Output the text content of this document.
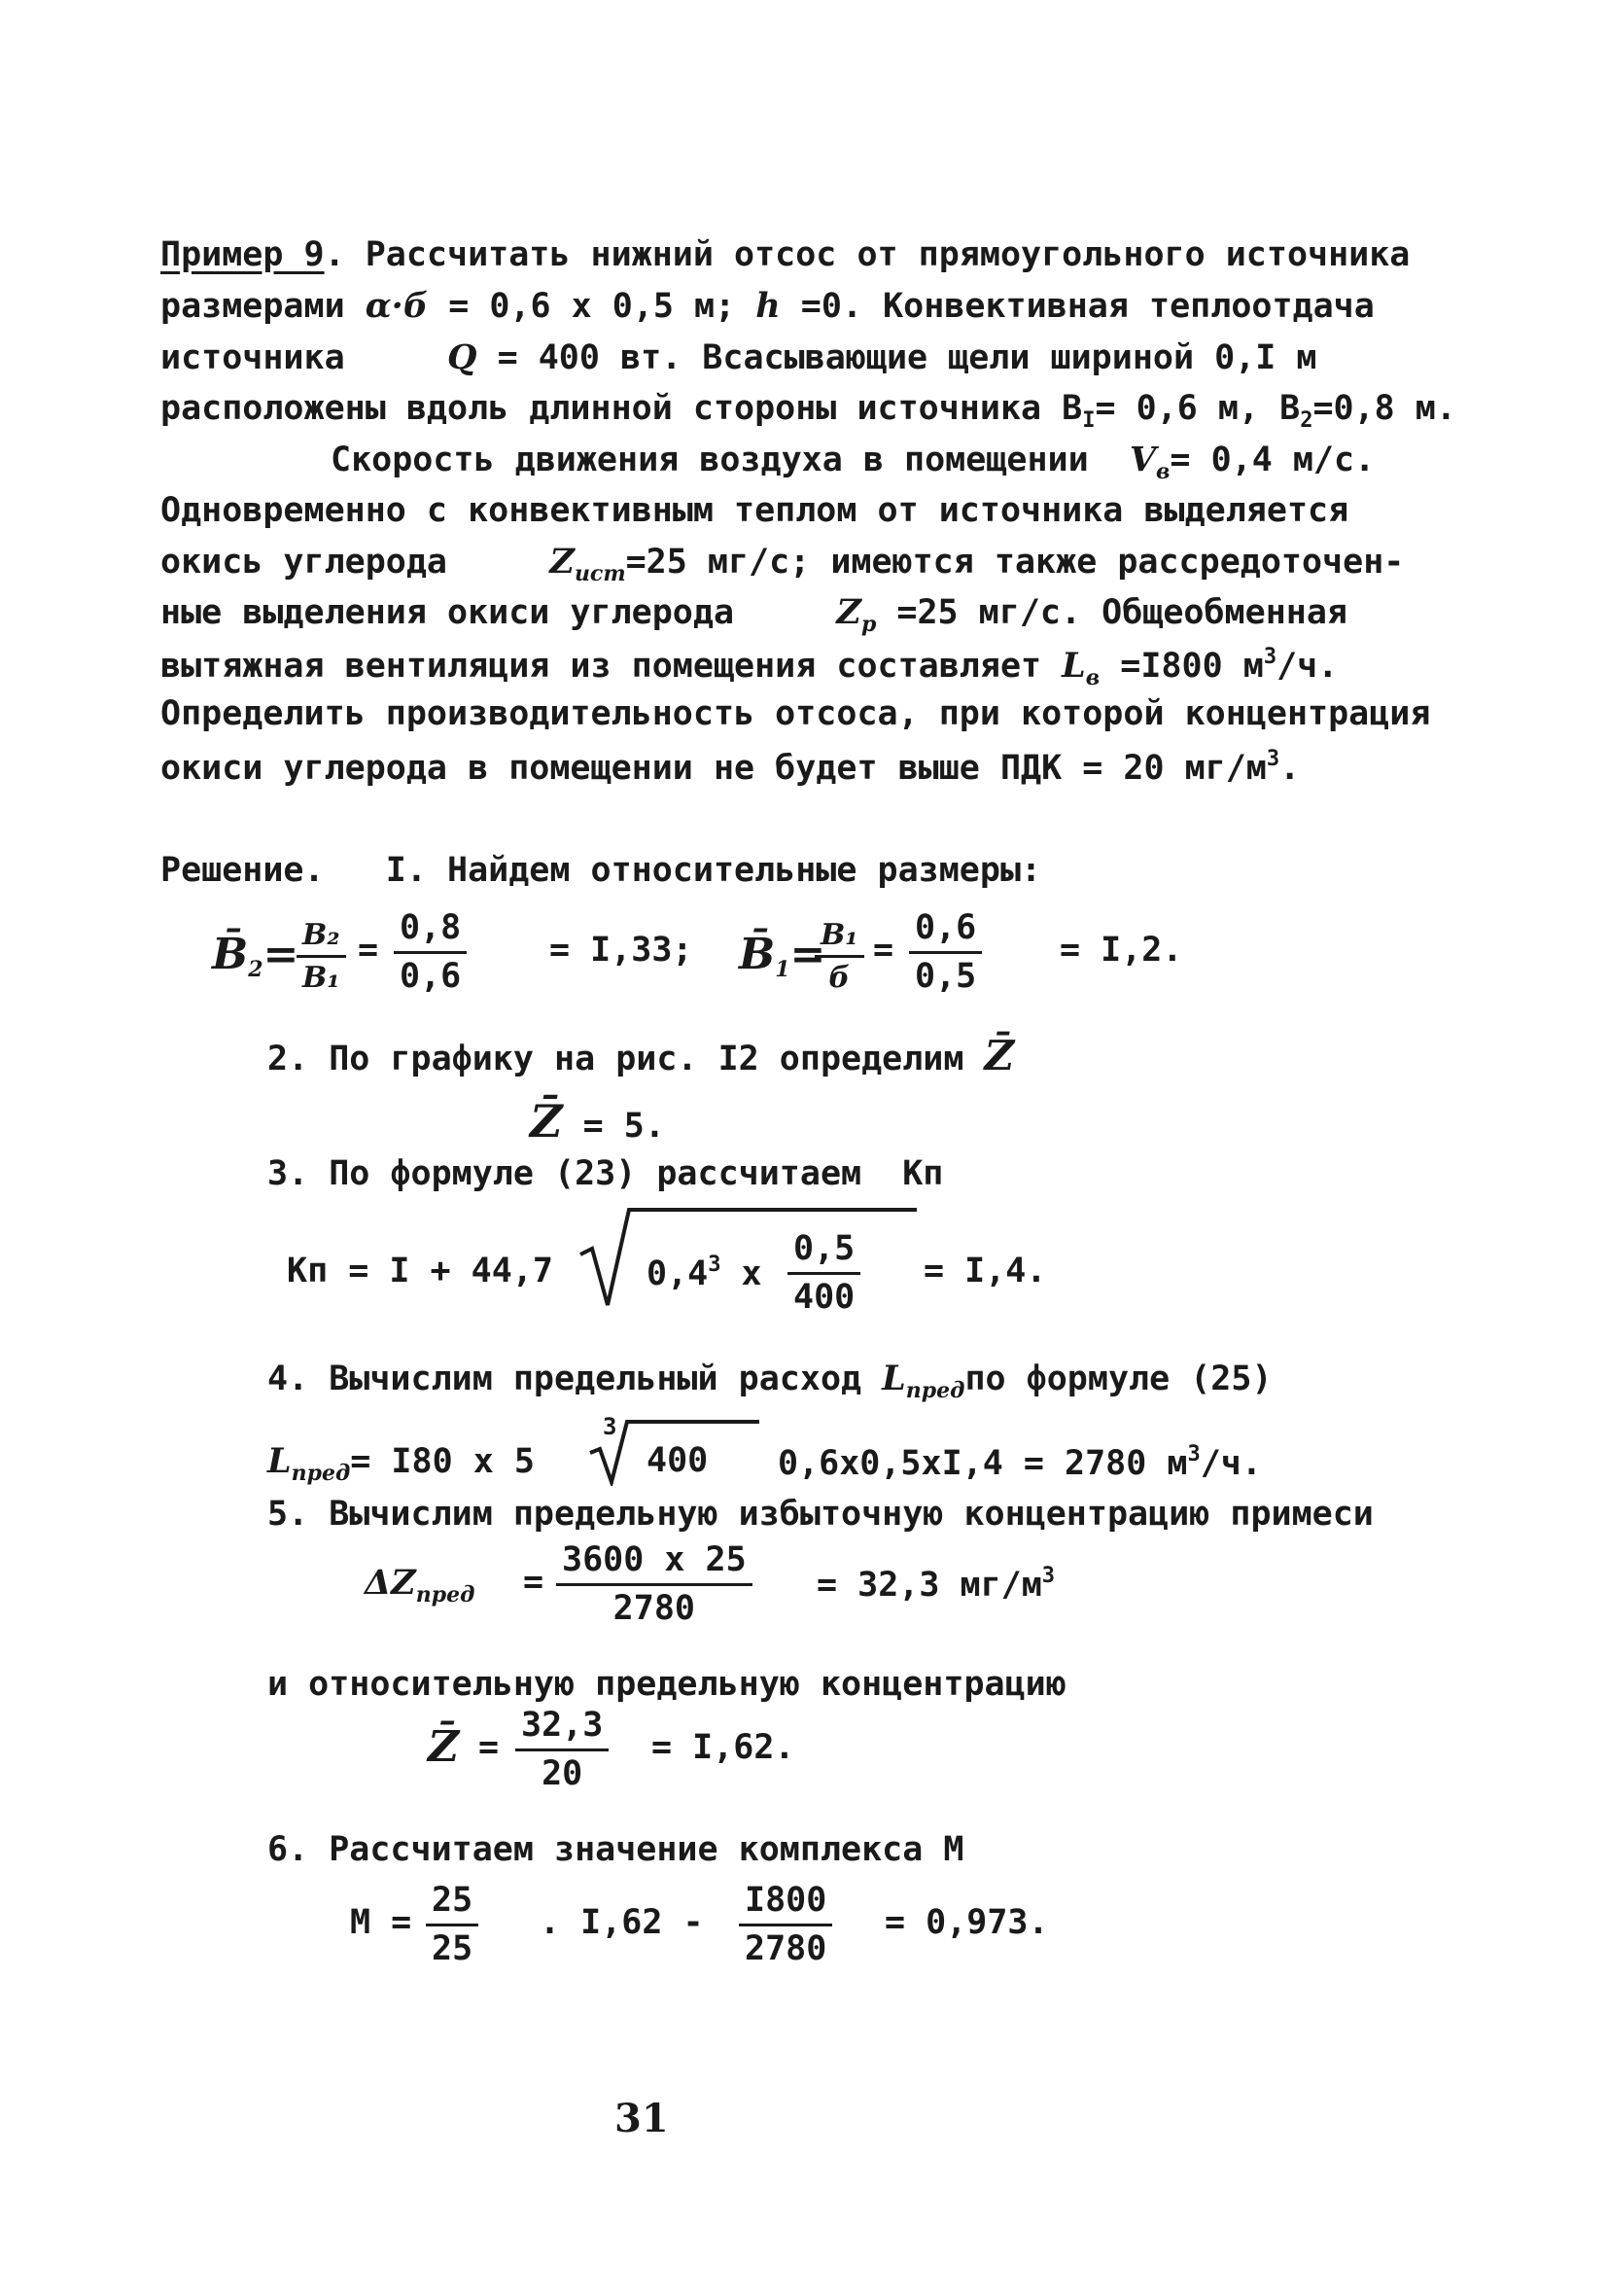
Пример 9. Рассчитать нижний отсос от прямоугольного источника
размерами α·б = 0,6 х 0,5 м; h =0. Конвективная теплоотдача
источника     Q = 400 вт. Всасывающие щели шириной 0,I м
расположены вдоль длинной стороны источника $В_I= 0,6$ м, $В_2=0,8$ м.
Скорость движения воздуха в помещении  $V_в= 0,4$ м/с.
Одновременно с конвективным теплом от источника выделяется
окись углерода     $Z_{ист}=25$ мг/с; имеются также рассредоточен-
ные выделения окиси углерода     $Z_р =25$ мг/с. Общеобменная
вытяжная вентиляция из помещения составляет $L_в =I800$ $м^3/ч$.
Определить производительность отсоса, при которой концентрация
окиси углерода в помещении не будет выше ПДК = 20 $мг/м^3$.
Решение.   I. Найдем относительные размеры:
$B̄_2=$
$\frac{\text{B₂}}{\text{B₁}} = \frac{0,8}{0,6} = I,33$; $B̄_1=$
B₁
б
= $\frac{0,6}{0,5} = I,2$.
2. По графику на рис. I2 определим Z̄
Z̄ = 5.
3. По формуле (23) рассчитаем  Кп
Кп = I + 44,7	$0,4^3$ х $\frac{0,5}{400} = I,4$.
4. Вычислим предельный расход $L_{пред}по$ формуле (25)
$L_{пред}= I80$ х 5
3
400 0,6х0,5хI,4 = 2780 $м^3/ч$.
5. Вычислим предельную избыточную концентрацию примеси
$\Delta Z_{пред}$ =
3600 х 25
2780
= 32,3 $мг/м^3$
и относительную предельную концентрацию
Z̄ = $\frac{32,3}{20} = I,62$.
6. Рассчитаем значение комплекса М
$М = \frac{25}{25}$ . $I,62 - \frac{I800}{2780} = 0,973$.
31
